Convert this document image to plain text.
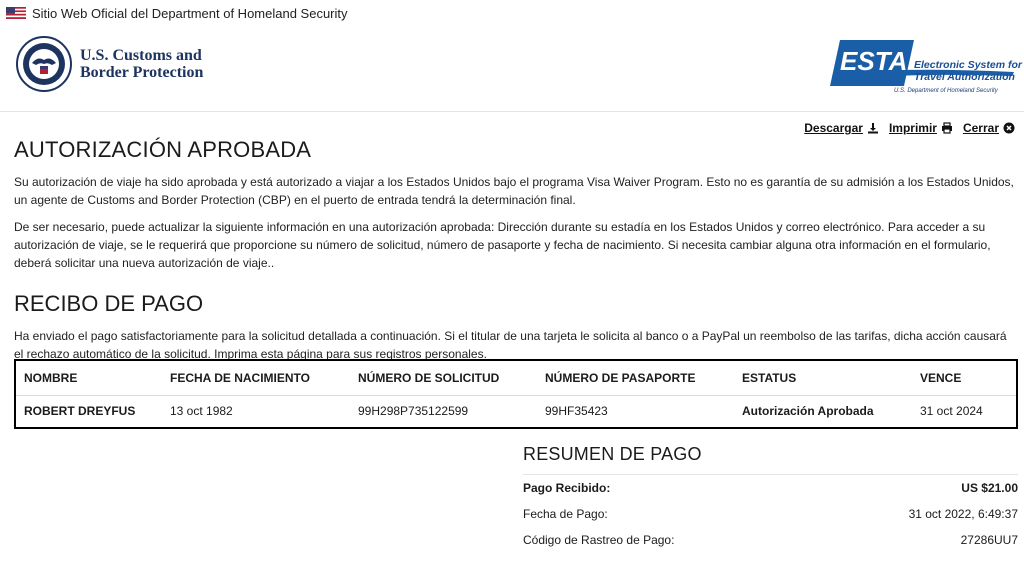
Sitio Web Oficial del Department of Homeland Security
U.S. Customs and
Border Protection	ESTA Electronic System for
Travel Authorization
U.S. Department of Homeland Security
Descargar Imprimir Cerrar
AUTORIZACIÓN APROBADA

Su autorización de viaje ha sido aprobada y está autorizado a viajar a los Estados Unidos bajo el programa Visa Waiver Program. Esto no es garantía de su admisión a los Estados Unidos, un agente de Customs and Border Protection (CBP) en el puerto de entrada tendrá la determinación final.

De ser necesario, puede actualizar la siguiente información en una autorización aprobada: Dirección durante su estadía en los Estados Unidos y correo electrónico. Para acceder a su autorización de viaje, se le requerirá que proporcione su número de solicitud, número de pasaporte y fecha de nacimiento. Si necesita cambiar alguna otra información en el formulario, deberá solicitar una nueva autorización de viaje..

RECIBO DE PAGO

Ha enviado el pago satisfactoriamente para la solicitud detallada a continuación. Si el titular de una tarjeta le solicita al banco o a PayPal un reembolso de las tarifas, dicha acción causará el rechazo automático de la solicitud. Imprima esta página para sus registros personales.

NOMBRE	FECHA DE NACIMIENTO	NÚMERO DE SOLICITUD	NÚMERO DE PASAPORTE	ESTATUS	VENCE
ROBERT DREYFUS	13 oct 1982	99H298P735122599	99HF35423	Autorización Aprobada	31 oct 2024
RESUMEN DE PAGO
Pago Recibido:	US $21.00
Fecha de Pago:	31 oct 2022, 6:49:37
Código de Rastreo de Pago:	27286UU7
